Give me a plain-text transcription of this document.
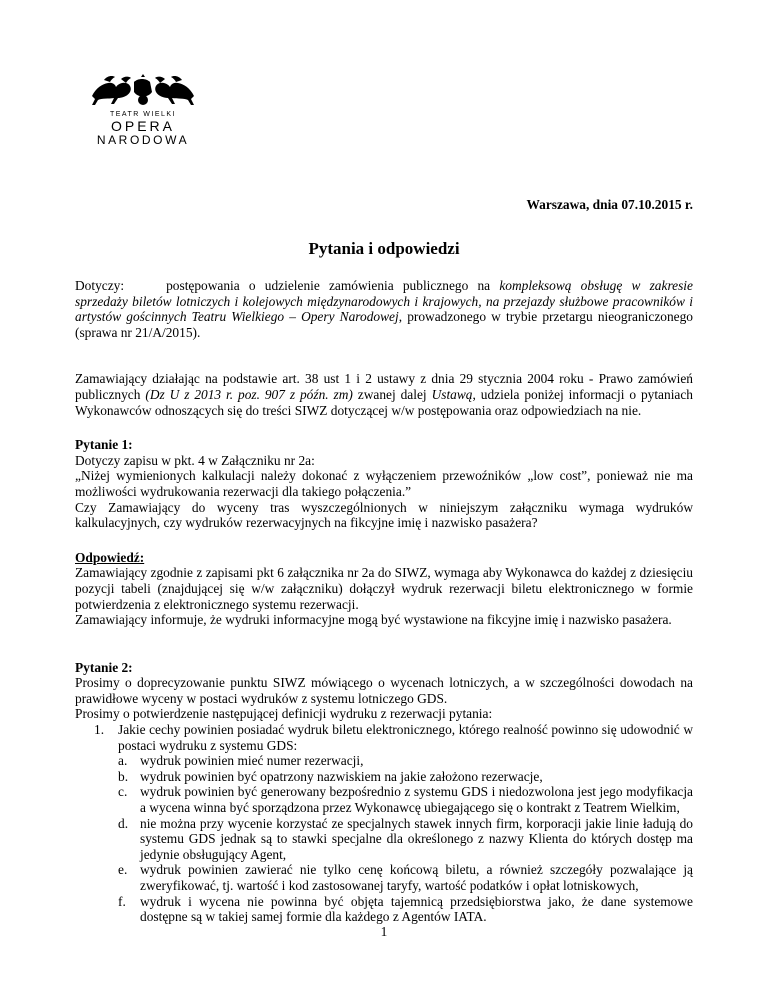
TEATR WIELKI
OPERA
NARODOWA
Warszawa, dnia 07.10.2015 r.
Pytania i odpowiedzi

Dotyczy:	postępowania o udzielenie zamówienia publicznego na kompleksową obsługę w zakresie sprzedaży biletów lotniczych i kolejowych międzynarodowych i krajowych, na przejazdy służbowe pracowników i artystów gościnnych Teatru Wielkiego – Opery Narodowej, prowadzonego w trybie przetargu nieograniczonego (sprawa nr 21/A/2015).

Zamawiający działając na podstawie art. 38 ust 1 i 2 ustawy z dnia 29 stycznia 2004 roku - Prawo zamówień publicznych (Dz U z 2013 r. poz. 907 z późn. zm) zwanej dalej Ustawą, udziela poniżej informacji o pytaniach Wykonawców odnoszących się do treści SIWZ dotyczącej w/w postępowania oraz odpowiedziach na nie.

Pytanie 1:

Dotyczy zapisu w pkt. 4 w Załączniku nr 2a:

„Niżej wymienionych kalkulacji należy dokonać z wyłączeniem przewoźników „low cost”, ponieważ nie ma możliwości wydrukowania rezerwacji dla takiego połączenia.”

Czy Zamawiający do wyceny tras wyszczególnionych w niniejszym załączniku wymaga wydruków kalkulacyjnych, czy wydruków rezerwacyjnych na fikcyjne imię i nazwisko pasażera?

Odpowiedź:

Zamawiający zgodnie z zapisami pkt 6 załącznika nr 2a do SIWZ, wymaga aby Wykonawca do każdej z dziesięciu pozycji tabeli (znajdującej się w/w załączniku) dołączył wydruk rezerwacji biletu elektronicznego w formie potwierdzenia z elektronicznego systemu rezerwacji.

Zamawiający informuje, że wydruki informacyjne mogą być wystawione na fikcyjne imię i nazwisko pasażera.

Pytanie 2:

Prosimy o doprecyzowanie punktu SIWZ mówiącego o wycenach lotniczych, a w szczególności dowodach na prawidłowe wyceny w postaci wydruków z systemu lotniczego GDS.

Prosimy o potwierdzenie następującej definicji wydruku z rezerwacji pytania:

1. Jakie cechy powinien posiadać wydruk biletu elektronicznego, którego realność powinno się udowodnić w postaci wydruku z systemu GDS:

a. wydruk powinien mieć numer rezerwacji,

b. wydruk powinien być opatrzony nazwiskiem na jakie założono rezerwacje,

c. wydruk powinien być generowany bezpośrednio z systemu GDS i niedozwolona jest jego modyfikacja a wycena winna być sporządzona przez Wykonawcę ubiegającego się o kontrakt z Teatrem Wielkim,

d. nie można przy wycenie korzystać ze specjalnych stawek innych firm, korporacji jakie linie ładują do systemu GDS jednak są to stawki specjalne dla określonego z nazwy Klienta do których dostęp ma jedynie obsługujący Agent,

e. wydruk powinien zawierać nie tylko cenę końcową biletu, a również szczegóły pozwalające ją zweryfikować, tj. wartość i kod zastosowanej taryfy, wartość podatków i opłat lotniskowych,

f. wydruk i wycena nie powinna być objęta tajemnicą przedsiębiorstwa jako, że dane systemowe dostępne są w takiej samej formie dla każdego z Agentów IATA.

1
